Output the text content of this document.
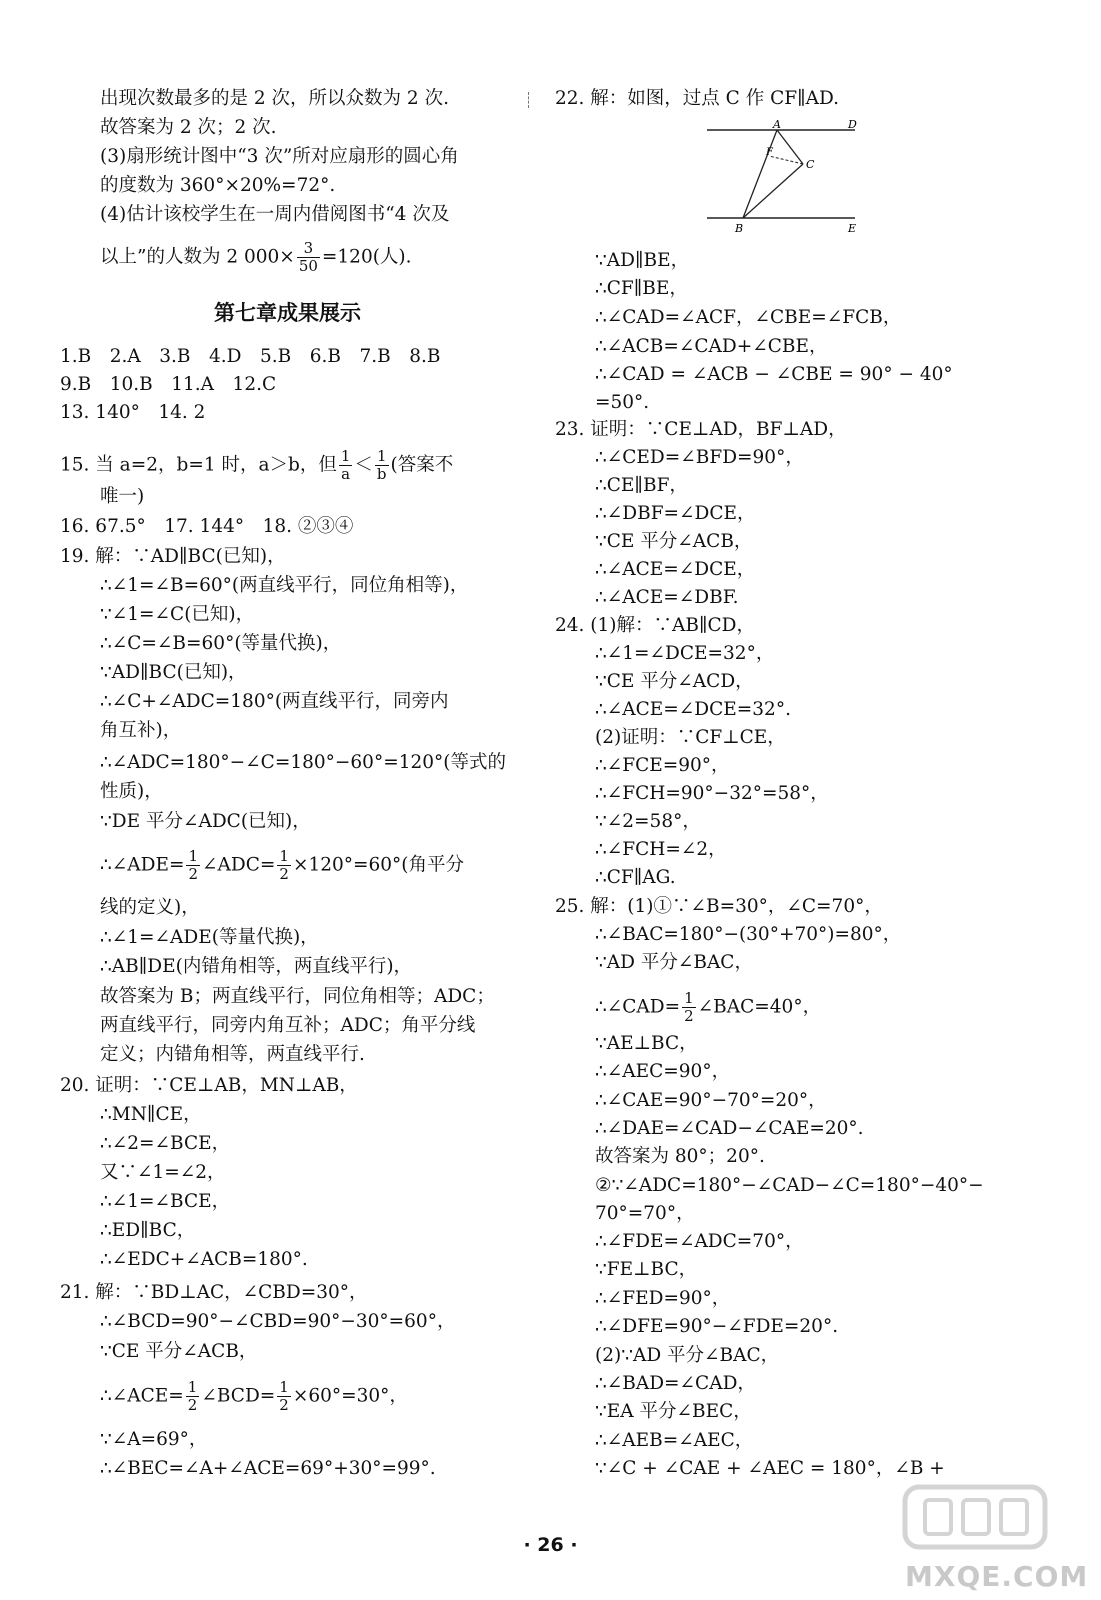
出现次数最多的是 2 次，所以众数为 2 次.
故答案为 2 次；2 次.
(3)扇形统计图中“3 次”所对应扇形的圆心角
的度数为 360°×20%=72°.
(4)估计该校学生在一周内借阅图书“4 次及
以上”的人数为 2 $000\times \frac{3}{50} =120$(人).
第七章成果展示
1.B　2.A　3.B　4.D　5.B　6.B　7.B　8.B
9.B　10.B　11.A　12.C
13. 140°　14. 2
15. 当 a=2，b=1 时，a＞b，但 $\frac{1}{a} < \frac{1}{b}$ (答案不
唯一)
16. 67.5°　17. 144°　18. ②③④
19. 解：∵AD∥BC(已知)，
∴∠1=∠B=60°(两直线平行，同位角相等)，
∵∠1=∠C(已知)，
∴∠C=∠B=60°(等量代换)，
∵AD∥BC(已知)，
∴∠C+∠ADC=180°(两直线平行，同旁内
角互补)，
∴∠ADC=180°−∠C=180°−60°=120°(等式的
性质)，
∵DE 平分∠ADC(已知)，
∴∠ADE= $\frac{1}{2}$ ∠ADC= $\frac{1}{2} \times 120^\circ=60^\circ$(角平分
线的定义)，
∴∠1=∠ADE(等量代换)，
∴AB∥DE(内错角相等，两直线平行)，
故答案为 B；两直线平行，同位角相等；ADC；
两直线平行，同旁内角互补；ADC；角平分线
定义；内错角相等，两直线平行.
20. 证明：∵CE⊥AB，MN⊥AB，
∴MN∥CE，
∴∠2=∠BCE，
又∵∠1=∠2，
∴∠1=∠BCE，
∴ED∥BC，
∴∠EDC+∠ACB=180°.
21. 解：∵BD⊥AC，∠CBD=30°，
∴∠BCD=90°−∠CBD=90°−30°=60°，
∵CE 平分∠ACB，
∴∠ACE= $\frac{1}{2}$ ∠BCD= $\frac{1}{2} \times 60^\circ=30^\circ$，
∵∠A=69°，
∴∠BEC=∠A+∠ACE=69°+30°=99°.
22. 解：如图，过点 C 作 CF∥AD.
A	D
F
C
B	E
∵AD∥BE，
∴CF∥BE，
∴∠CAD=∠ACF，∠CBE=∠FCB，
∴∠ACB=∠CAD+∠CBE，
∴∠CAD = ∠ACB − ∠CBE = 90° − 40°
=50°.
23. 证明：∵CE⊥AD，BF⊥AD，
∴∠CED=∠BFD=90°，
∴CE∥BF，
∴∠DBF=∠DCE，
∵CE 平分∠ACB，
∴∠ACE=∠DCE，
∴∠ACE=∠DBF.
24. (1)解：∵AB∥CD，
∴∠1=∠DCE=32°，
∵CE 平分∠ACD，
∴∠ACE=∠DCE=32°.
(2)证明：∵CF⊥CE，
∴∠FCE=90°，
∴∠FCH=90°−32°=58°，
∵∠2=58°，
∴∠FCH=∠2，
∴CF∥AG.
25. 解：(1)①∵∠B=30°，∠C=70°，
∴∠BAC=180°−(30°+70°)=80°，
∵AD 平分∠BAC，
∴∠CAD= $\frac{1}{2}$ ∠BAC=40°，
∵AE⊥BC，
∴∠AEC=90°，
∴∠CAE=90°−70°=20°，
∴∠DAE=∠CAD−∠CAE=20°.
故答案为 80°；20°.
②∵∠ADC=180°−∠CAD−∠C=180°−40°−
70°=70°，
∴∠FDE=∠ADC=70°，
∵FE⊥BC，
∴∠FED=90°，
∴∠DFE=90°−∠FDE=20°.
(2)∵AD 平分∠BAC，
∴∠BAD=∠CAD，
∵EA 平分∠BEC，
∴∠AEB=∠AEC，
∵∠C + ∠CAE + ∠AEC = 180°，∠B +
· 26 ·
MXQE.COM
